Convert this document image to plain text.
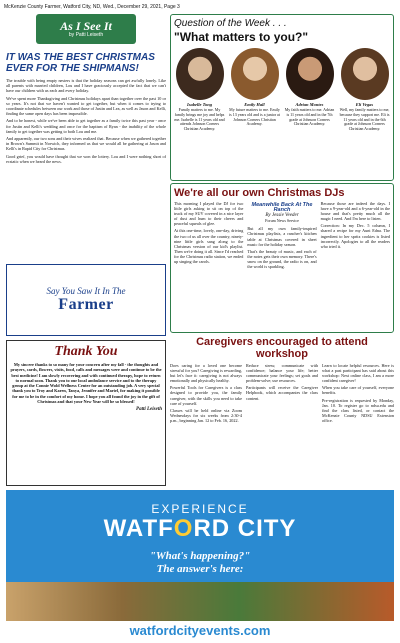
McKenzie County Farmer, Watford City, ND, Wed., December 29, 2021, Page 3
As I See It
by Patti Leiseth
IT WAS THE BEST CHRISTMAS EVER FOR THE SHIPMANS!

The trouble with being empty nesters is that the holiday seasons can get awfully lonely. Like all parents with married children, Lou and I have graciously accepted the fact that we can't have our children with us each and every holiday.

We've spent more Thanksgiving and Christmas holidays apart than together over the past 10 or so years. It's not that we haven't wanted to get together, but when it comes to trying to coordinate schedules between our work and those of Justin and Lea, as well as Jason and Kelli, finding the same open days has been impossible.

And to be honest, while we've been able to get together as a family twice this past year - once for Justin and Kelli's wedding and once for the baptism of Ryan - the inability of the whole family to get together was getting to both Lou and me.

And apparently, our two sons and their wives realized that. Because when we gathered together in Brown's Summit in Norwich, they informed us that we would all be gathering at Jason and Kelli's in Rapid City for Christmas.

Good grief, you would have thought that we won the lottery. Lou and I were nothing short of ecstatic when we heard the news.

Question of the Week . . .
"What matters to you?"
Isabelle Tong
Family matters to me. My family brings me joy and helps me. Isabelle is 11 years old and attends Johnson Corners Christian Academy.
Emily Hall
My future matters to me. Emily is 13 years old and is a junior at Johnson Corners Christian Academy.
Adrian Montes
My faith matters to me. Adrian is 11 years old and in the 7th grade at Johnson Corners Christian Academy.
Eli Vegas
Well, my family matters to me, because they support me. Eli is 11 years old and in the 6th grade at Johnson Corners Christian Academy.
We're all our own Christmas DJs

This morning I played the DJ for two little girls asking to sit on top of the truck of my SUV covered in a nice layer of dust and hum to their cheers and peaceful squeals of glee.

At this one-time, lovely, one-day, driving the two of us all over the country, ninety-nine little girls sang along to the Christmas version of our kid's playlist. Then we're doing it all. Since I'd reached for the Christmas radio station, we ended up singing the carols.

Meanwhile Back At The Ranch
By Jessie Veeder
Forum News Service

But all my own family-inspired Christmas playlists, a rancher's kitchen table at Christmas covered in sheet music for the holiday season.

That's the beauty of music, and each of the notes gets their own memory. There's snow on the ground, the radio is on, and the world is sparkling.

Because those are indeed the days. I have a 9-year-old and a 6-year-old in the house and that's pretty much all the magic I need. And I'm here to listen.

Correction: In my Dec. 5 column, I shared a recipe for my Aunt Edna. The ingredient to her spritz cookies is listed incorrectly. Apologies to all the readers who tried it.

Say You Saw It In The
Farmer
Thank You
My sincere thanks to so many for your concern after my fall - the thoughts and prayers, cards, flowers, visits, food, calls and messages were and continue to be the best medicine! I am slowly recovering and with continued therapy, hope to return to normal soon. Thank you to our local ambulance service and to the therapy group at the Connie Wold Wellness Center for an outstanding job. A very special thank you to Troy and Karen, Tanya, Jennifer and Mariel, for making it possible for me to be in the comfort of my home. I hope you all found the joy in the gift of Christmas and that your New Year will be so blessed!
Patti Leiseth
Caregivers encouraged to attend workshop

Does caring for a loved one become stressful for you? Caregiving is rewarding, but let's face it: caregiving is not always emotionally and physically healthy.

Powerful Tools for Caregivers is a class designed to provide you, the family caregiver, with the skills you need to take care of yourself.

Classes will be held online via Zoom Wednesdays for six weeks from 2:30-4 p.m., beginning Jan. 12 to Feb. 16, 2022.

Reduce stress; communicate with confidence; balance your life; better communicate your feelings; set goals and problem-solve; use resources.

Participants will receive the Caregiver Helpbook, which accompanies the class content.

Learn to locate helpful resources. Here is what a past participant has said about this workshop: Next online class, I am a more confident caregiver!

When you take care of yourself, everyone benefits.

Pre-registration is requested by Monday, Jan. 10. To register go to ndsu.edu and find the class listed, or contact the McKenzie County NDSU Extension office.

EXPERIENCE
WATFORD CITY
"What's happening?"
The answer's here:
watfordcityevents.com
